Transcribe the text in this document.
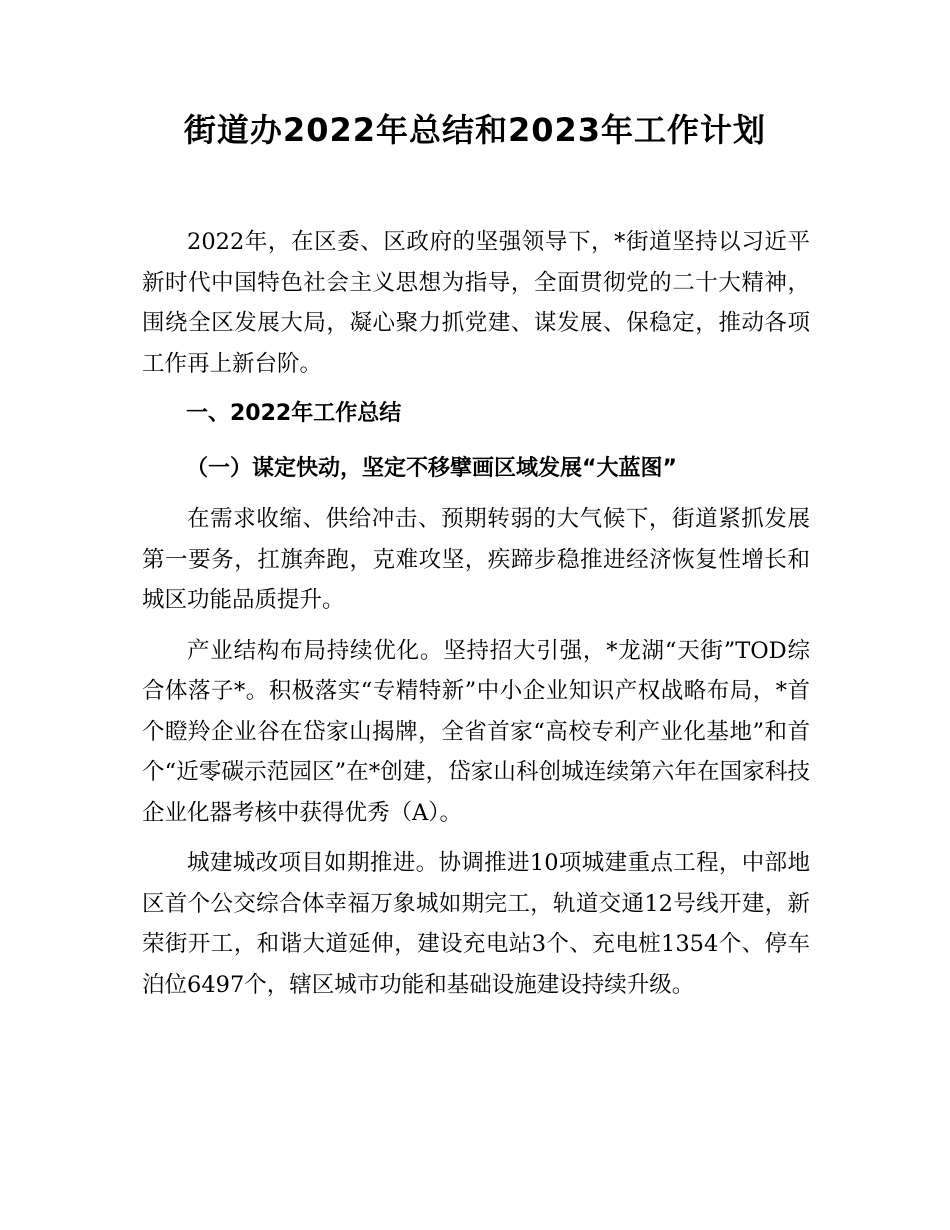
街道办2022年总结和2023年工作计划

2022年，在区委、区政府的坚强领导下，*街道坚持以习近平新时代中国特色社会主义思想为指导，全面贯彻党的二十大精神，围绕全区发展大局，凝心聚力抓党建、谋发展、保稳定，推动各项工作再上新台阶。

一、2022年工作总结

（一）谋定快动，坚定不移擘画区域发展“大蓝图”

在需求收缩、供给冲击、预期转弱的大气候下，街道紧抓发展第一要务，扛旗奔跑，克难攻坚，疾蹄步稳推进经济恢复性增长和城区功能品质提升。

产业结构布局持续优化。坚持招大引强，*龙湖“天街”TOD综合体落子*。积极落实“专精特新”中小企业知识产权战略布局，*首个瞪羚企业谷在岱家山揭牌，全省首家“高校专利产业化基地”和首个“近零碳示范园区”在*创建，岱家山科创城连续第六年在国家科技企业化器考核中获得优秀（A）。

城建城改项目如期推进。协调推进10项城建重点工程，中部地区首个公交综合体幸福万象城如期完工，轨道交通12号线开建，新荣街开工，和谐大道延伸，建设充电站3个、充电桩1354个、停车泊位6497个，辖区城市功能和基础设施建设持续升级。
